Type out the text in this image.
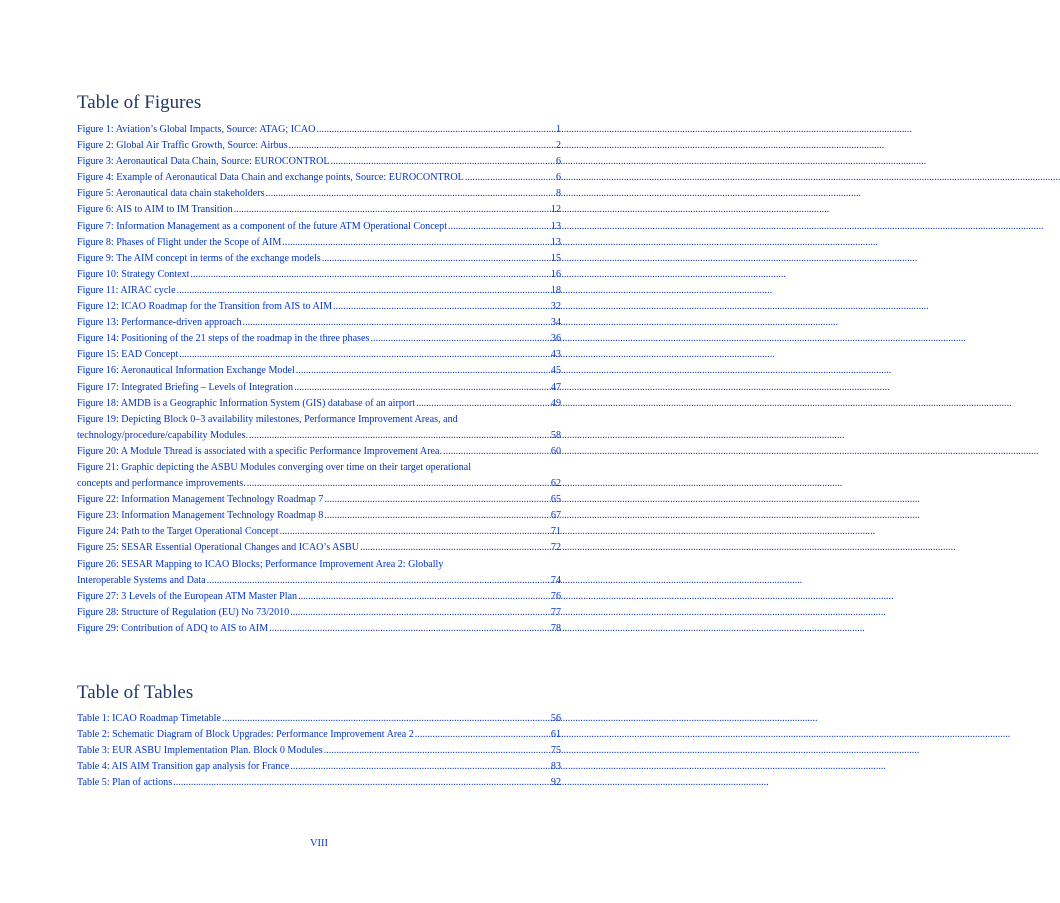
Table of Figures
Figure 1: Aviation’s Global Impacts, Source: ATAG; ICAO .....	1
Figure 2: Global Air Traffic Growth, Source: Airbus .....	2
Figure 3: Aeronautical Data Chain, Source: EUROCONTROL .....	6
Figure 4: Example of Aeronautical Data Chain and exchange points, Source: EUROCONTROL .....	6
Figure 5: Aeronautical data chain stakeholders .....	8
Figure 6: AIS to AIM to IM Transition .....	12
Figure 7: Information Management as a component of the future ATM Operational Concept .....	13
Figure 8: Phases of Flight under the Scope of AIM .....	13
Figure 9: The AIM concept in terms of the exchange models .....	15
Figure 10: Strategy Context .....	16
Figure 11: AIRAC cycle .....	18
Figure 12: ICAO Roadmap for the Transition from AIS to AIM .....	32
Figure 13: Performance-driven approach .....	34
Figure 14: Positioning of the 21 steps of the roadmap in the three phases .....	36
Figure 15: EAD Concept .....	43
Figure 16: Aeronautical Information Exchange Model .....	45
Figure 17: Integrated Briefing – Levels of Integration .....	47
Figure 18: AMDB is a Geographic Information System (GIS) database of an airport .....	49
Figure 19: Depicting Block 0–3 availability milestones, Performance Improvement Areas, and
technology/procedure/capability Modules. .....	58
Figure 20: A Module Thread is associated with a specific Performance Improvement Area. .....	60
Figure 21: Graphic depicting the ASBU Modules converging over time on their target operational
concepts and performance improvements. .....	62
Figure 22: Information Management Technology Roadmap 7 .....	65
Figure 23: Information Management Technology Roadmap 8 .....	67
Figure 24: Path to the Target Operational Concept .....	71
Figure 25: SESAR Essential Operational Changes and ICAO’s ASBU .....	72
Figure 26: SESAR Mapping to ICAO Blocks; Performance Improvement Area 2: Globally
Interoperable Systems and Data .....	74
Figure 27: 3 Levels of the European ATM Master Plan .....	76
Figure 28: Structure of Regulation (EU) No 73/2010 .....	77
Figure 29: Contribution of ADQ to AIS to AIM .....	78
Table of Tables
Table 1: ICAO Roadmap Timetable .....	56
Table 2: Schematic Diagram of Block Upgrades: Performance Improvement Area 2 .....	61
Table 3: EUR ASBU Implementation Plan. Block 0 Modules .....	75
Table 4: AIS AIM Transition gap analysis for France .....	83
Table 5: Plan of actions .....	92
VIII
